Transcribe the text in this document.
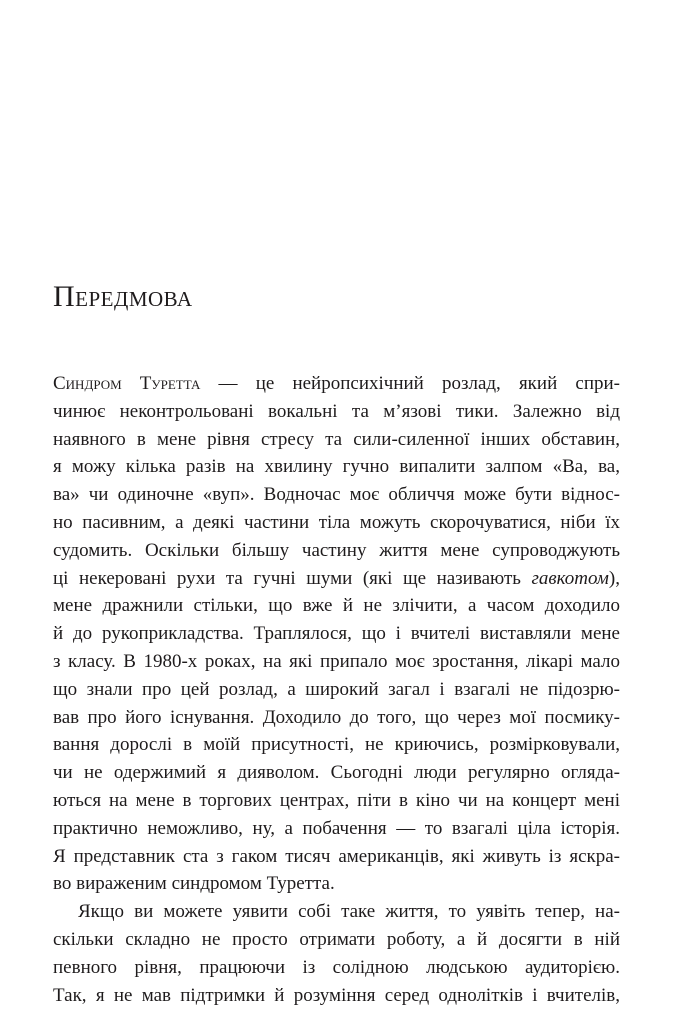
Передмова
Синдром Туретта — це нейропсихічний розлад, який спри-
чинює неконтрольовані вокальні та м’язові тики. Залежно від
наявного в мене рівня стресу та сили-силенної інших обставин,
я можу кілька разів на хвилину гучно випалити залпом «Ва, ва,
ва» чи одиночне «вуп». Водночас моє обличчя може бути віднос-
но пасивним, а деякі частини тіла можуть скорочуватися, ніби їх
судомить. Оскільки більшу частину життя мене супроводжують
ці некеровані рухи та гучні шуми (які ще називають гавкотом),
мене дражнили стільки, що вже й не злічити, а часом доходило
й до рукоприкладства. Траплялося, що і вчителі виставляли мене
з класу. В 1980-х роках, на які припало моє зростання, лікарі мало
що знали про цей розлад, а широкий загал і взагалі не підозрю-
вав про його існування. Доходило до того, що через мої посмику-
вання дорослі в моїй присутності, не криючись, розмірковували,
чи не одержимий я дияволом. Сьогодні люди регулярно огляда-
ються на мене в торгових центрах, піти в кіно чи на концерт мені
практично неможливо, ну, а побачення — то взагалі ціла історія.
Я представник ста з гаком тисяч американців, які живуть із яскра-
во вираженим синдромом Туретта.
Якщо ви можете уявити собі таке життя, то уявіть тепер, на-
скільки складно не просто отримати роботу, а й досягти в ній
певного рівня, працюючи із солідною людською аудиторією.
Так, я не мав підтримки й розуміння серед однолітків і вчителів,
